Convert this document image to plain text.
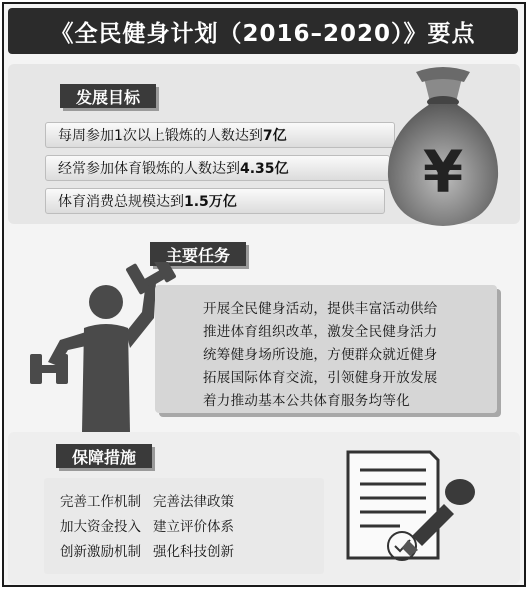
《全民健身计划（2016–2020）》要点
发展目标
每周参加1次以上锻炼的人数达到 7亿
经常参加体育锻炼的人数达到 4.35亿
体育消费总规模达到 1.5万亿	¥
主要任务
开展全民健身活动，提供丰富活动供给
推进体育组织改革，激发全民健身活力
统筹健身场所设施，方便群众就近健身
拓展国际体育交流，引领健身开放发展
着力推动基本公共体育服务均等化
保障措施
完善工作机制 完善法律政策
加大资金投入 建立评价体系
创新激励机制 强化科技创新
